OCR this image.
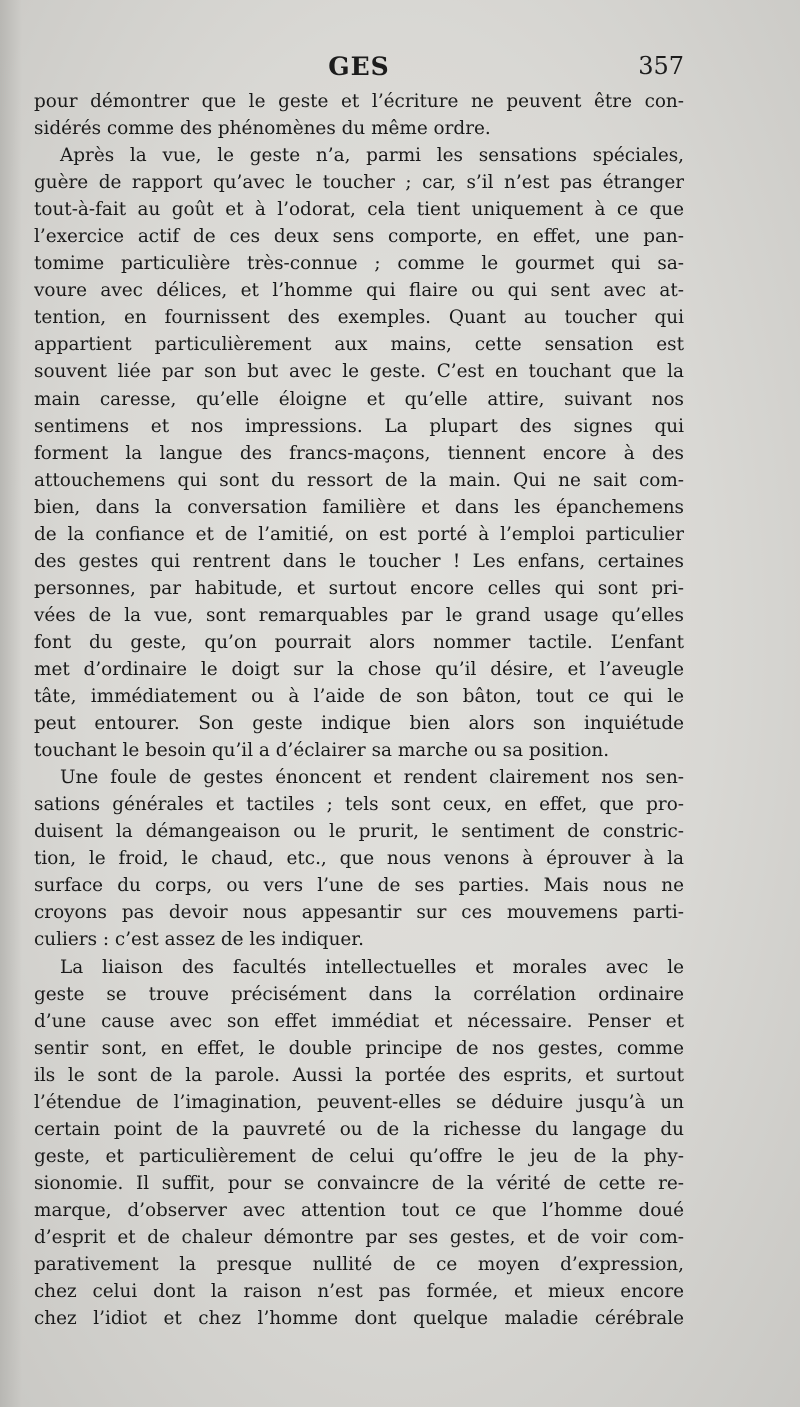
GES	357
pour démontrer que le geste et l’écriture ne peuvent être con-
sidérés comme des phénomènes du même ordre.
Après la vue, le geste n’a, parmi les sensations spéciales,
guère de rapport qu’avec le toucher ; car, s’il n’est pas étranger
tout-à-fait au goût et à l’odorat, cela tient uniquement à ce que
l’exercice actif de ces deux sens comporte, en effet, une pan-
tomime particulière très-connue ; comme le gourmet qui sa-
voure avec délices, et l’homme qui flaire ou qui sent avec at-
tention, en fournissent des exemples. Quant au toucher qui
appartient particulièrement aux mains, cette sensation est
souvent liée par son but avec le geste. C’est en touchant que la
main caresse, qu’elle éloigne et qu’elle attire, suivant nos
sentimens et nos impressions. La plupart des signes qui
forment la langue des francs-maçons, tiennent encore à des
attouchemens qui sont du ressort de la main. Qui ne sait com-
bien, dans la conversation familière et dans les épanchemens
de la confiance et de l’amitié, on est porté à l’emploi particulier
des gestes qui rentrent dans le toucher ! Les enfans, certaines
personnes, par habitude, et surtout encore celles qui sont pri-
vées de la vue, sont remarquables par le grand usage qu’elles
font du geste, qu’on pourrait alors nommer tactile. L’enfant
met d’ordinaire le doigt sur la chose qu’il désire, et l’aveugle
tâte, immédiatement ou à l’aide de son bâton, tout ce qui le
peut entourer. Son geste indique bien alors son inquiétude
touchant le besoin qu’il a d’éclairer sa marche ou sa position.
Une foule de gestes énoncent et rendent clairement nos sen-
sations générales et tactiles ; tels sont ceux, en effet, que pro-
duisent la démangeaison ou le prurit, le sentiment de constric-
tion, le froid, le chaud, etc., que nous venons à éprouver à la
surface du corps, ou vers l’une de ses parties. Mais nous ne
croyons pas devoir nous appesantir sur ces mouvemens parti-
culiers : c’est assez de les indiquer.
La liaison des facultés intellectuelles et morales avec le
geste se trouve précisément dans la corrélation ordinaire
d’une cause avec son effet immédiat et nécessaire. Penser et
sentir sont, en effet, le double principe de nos gestes, comme
ils le sont de la parole. Aussi la portée des esprits, et surtout
l’étendue de l’imagination, peuvent-elles se déduire jusqu’à un
certain point de la pauvreté ou de la richesse du langage du
geste, et particulièrement de celui qu’offre le jeu de la phy-
sionomie. Il suffit, pour se convaincre de la vérité de cette re-
marque, d’observer avec attention tout ce que l’homme doué
d’esprit et de chaleur démontre par ses gestes, et de voir com-
parativement la presque nullité de ce moyen d’expression,
chez celui dont la raison n’est pas formée, et mieux encore
chez l’idiot et chez l’homme dont quelque maladie cérébrale
